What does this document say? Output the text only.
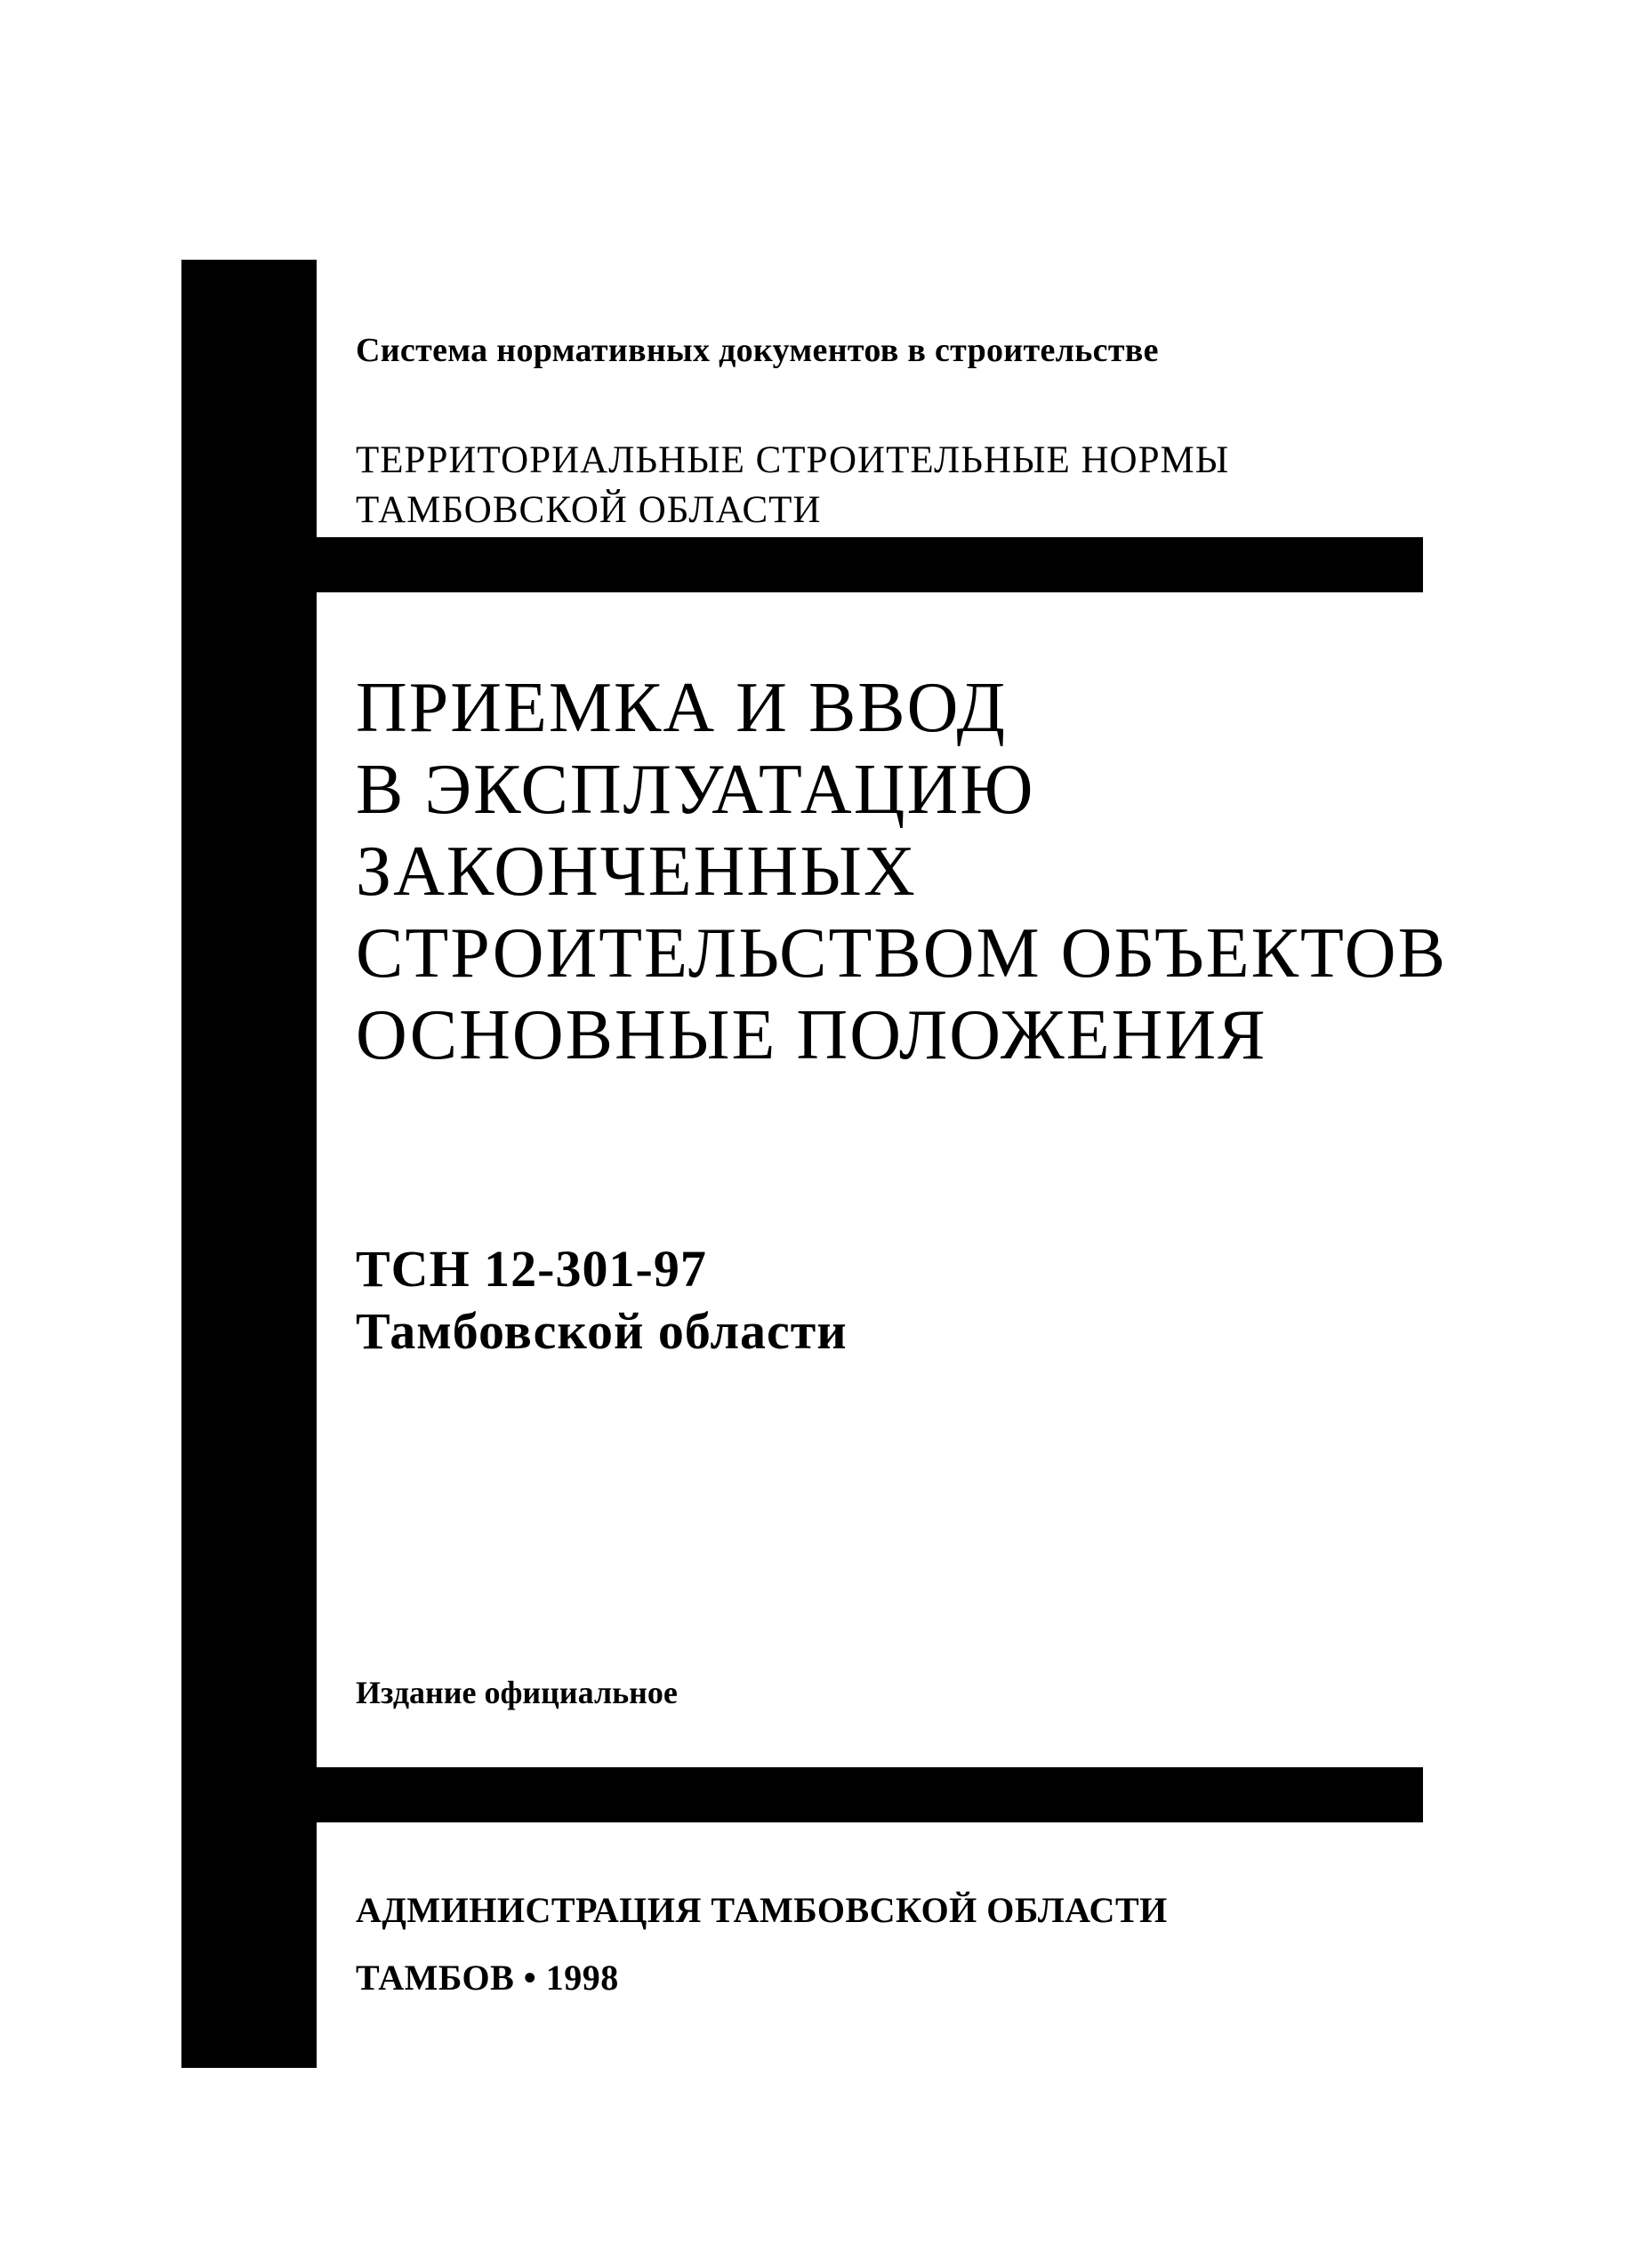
Система нормативных документов в строительстве

ТЕРРИТОРИАЛЬНЫЕ СТРОИТЕЛЬНЫЕ НОРМЫ
ТАМБОВСКОЙ ОБЛАСТИ
ПРИЕМКА И ВВОД
В ЭКСПЛУАТАЦИЮ
ЗАКОНЧЕННЫХ
СТРОИТЕЛЬСТВОМ ОБЪЕКТОВ
ОСНОВНЫЕ ПОЛОЖЕНИЯ
ТСН 12-301-97
Тамбовской области

Издание официальное

АДМИНИСТРАЦИЯ ТАМБОВСКОЙ ОБЛАСТИ
ТАМБОВ • 1998
